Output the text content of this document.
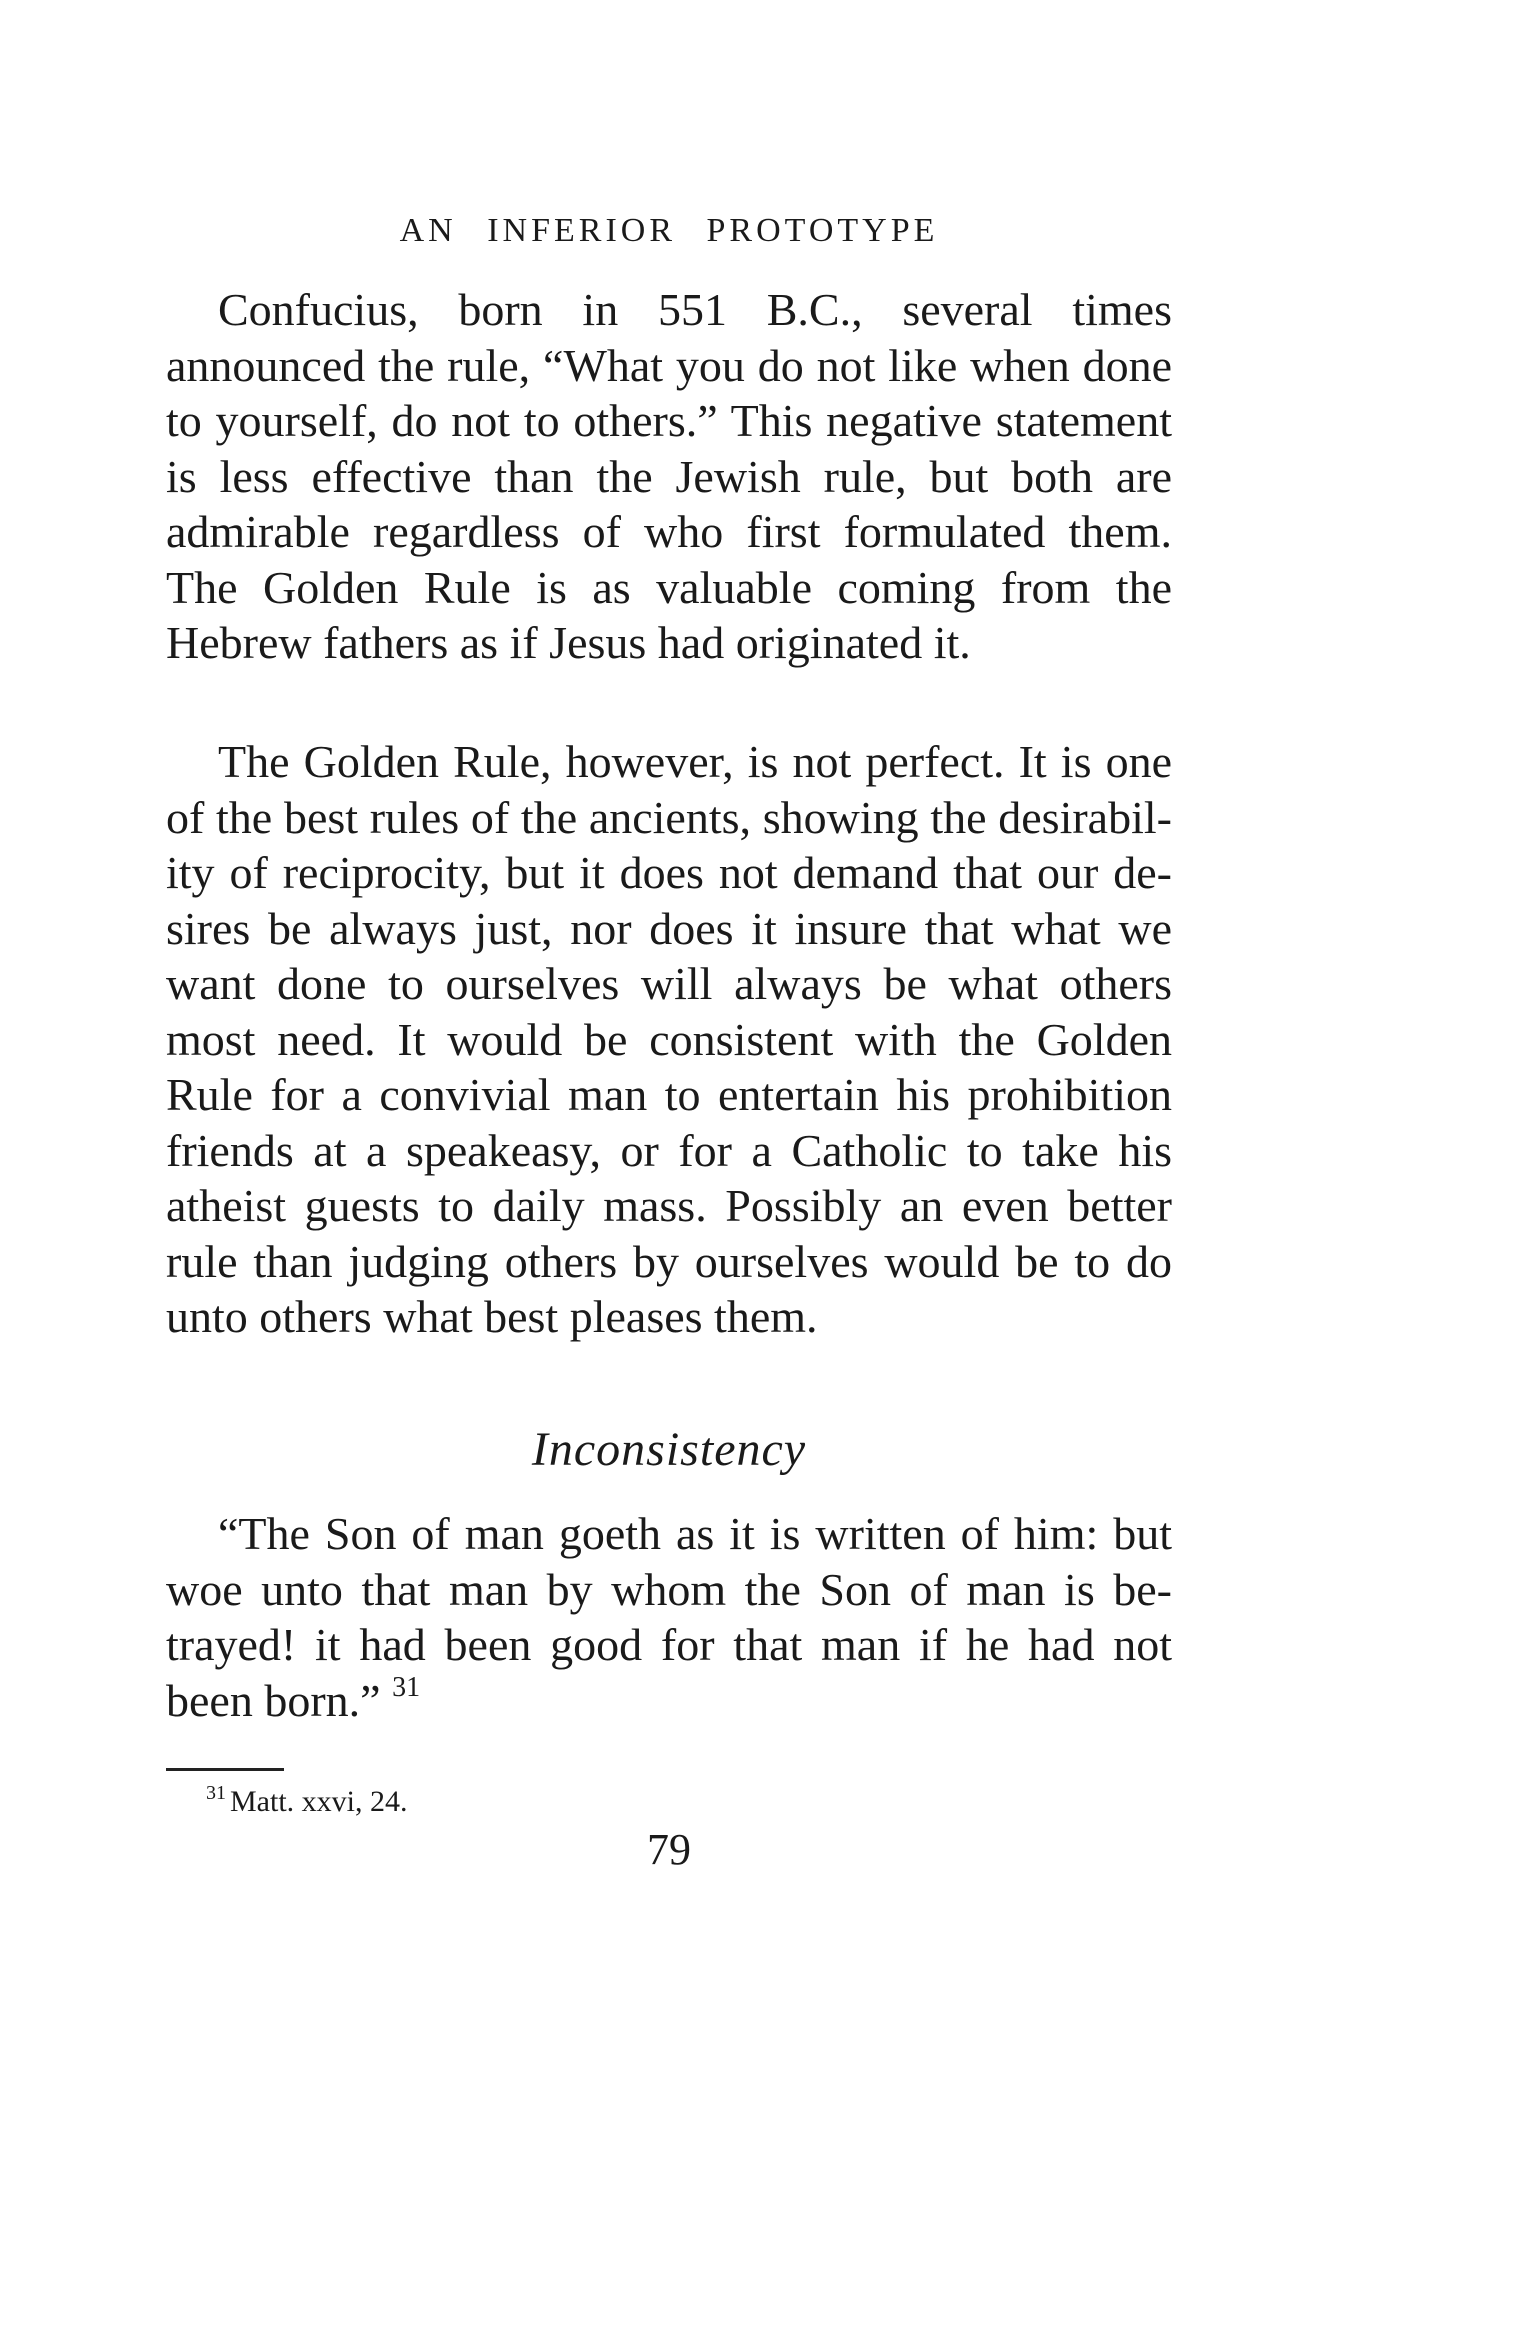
AN INFERIOR PROTOTYPE

Confucius, born in 551 B.C., several times announced the rule, “What you do not like when done to yourself, do not to others.” This negative statement is less effective than the Jewish rule, but both are admirable regardless of who first formulated them. The Golden Rule is as valuable coming from the Hebrew fathers as if Jesus had originated it.

The Golden Rule, however, is not perfect. It is one of the best rules of the ancients, showing the desirability of reciprocity, but it does not demand that our desires be always just, nor does it insure that what we want done to ourselves will always be what others most need. It would be consistent with the Golden Rule for a convivial man to entertain his prohibition friends at a speakeasy, or for a Catholic to take his atheist guests to daily mass. Possibly an even better rule than judging others by ourselves would be to do unto others what best pleases them.

Inconsistency

“The Son of man goeth as it is written of him: but woe unto that man by whom the Son of man is betrayed! it had been good for that man if he had not been born.” $^{31}$

$^{31}$ Matt. xxvi, 24.
79
